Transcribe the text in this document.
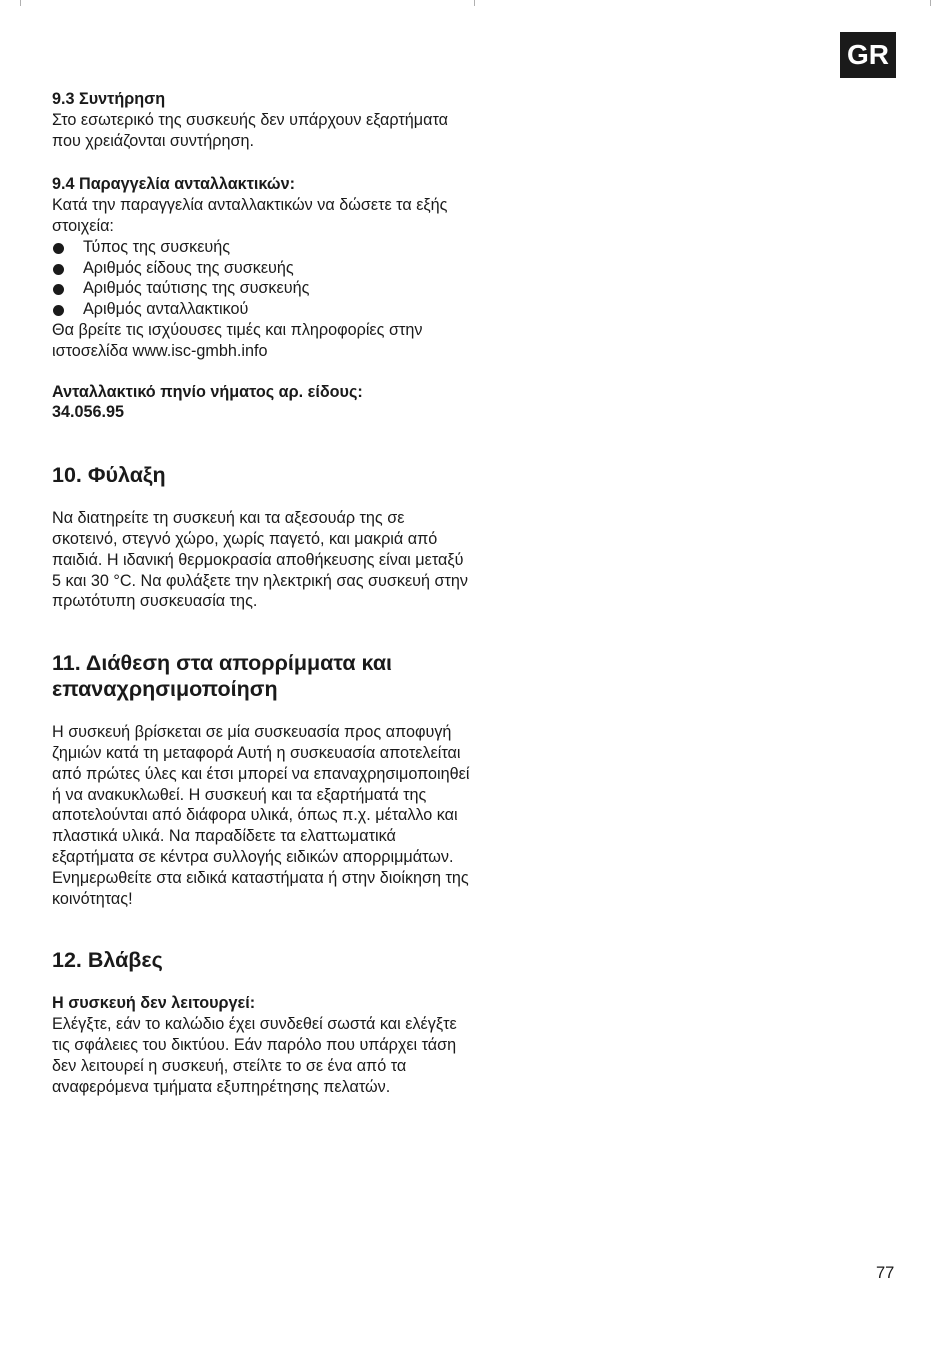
GR

9.3 Συντήρηση

Στο εσωτερικό της συσκευής δεν υπάρχουν εξαρτήματα που χρειάζονται συντήρηση.

9.4 Παραγγελία ανταλλακτικών:

Κατά την παραγγελία ανταλλακτικών να δώσετε τα εξής στοιχεία:

Τύπος της συσκευής
Αριθμός είδους της συσκευής
Αριθμός ταύτισης της συσκευής
Αριθμός ανταλλακτικού

Θα βρείτε τις ισχύουσες τιμές και πληροφορίες στην ιστοσελίδα www.isc-gmbh.info

Ανταλλακτικό πηνίο νήματος αρ. είδους:

34.056.95

10. Φύλαξη

Να διατηρείτε τη συσκευή και τα αξεσουάρ της σε σκοτεινό, στεγνό χώρο, χωρίς παγετό, και μακριά από παιδιά. Η ιδανική θερμοκρασία αποθήκευσης είναι μεταξύ 5 και 30 °C. Να φυλάξετε την ηλεκτρική σας συσκευή στην πρωτότυπη συσκευασία της.

11. Διάθεση στα απορρίμματα και επαναχρησιμοποίηση

Η συσκευή βρίσκεται σε μία συσκευασία προς αποφυγή ζημιών κατά τη μεταφορά Αυτή η συσκευασία αποτελείται από πρώτες ύλες και έτσι μπορεί να επαναχρησιμοποιηθεί ή να ανακυκλωθεί. Η συσκευή και τα εξαρτήματά της αποτελούνται από διάφορα υλικά, όπως π.χ. μέταλλο και πλαστικά υλικά. Να παραδίδετε τα ελαττωματικά εξαρτήματα σε κέντρα συλλογής ειδικών απορριμμάτων. Ενημερωθείτε στα ειδικά καταστήματα ή στην διοίκηση της κοινότητας!

12. Βλάβες

Η συσκευή δεν λειτουργεί:

Ελέγξτε, εάν το καλώδιο έχει συνδεθεί σωστά και ελέγξτε τις σφάλειες του δικτύου. Εάν παρόλο που υπάρχει τάση δεν λειτουρεί η συσκευή, στείλτε το σε ένα από τα αναφερόμενα τμήματα εξυπηρέτησης πελατών.

77
